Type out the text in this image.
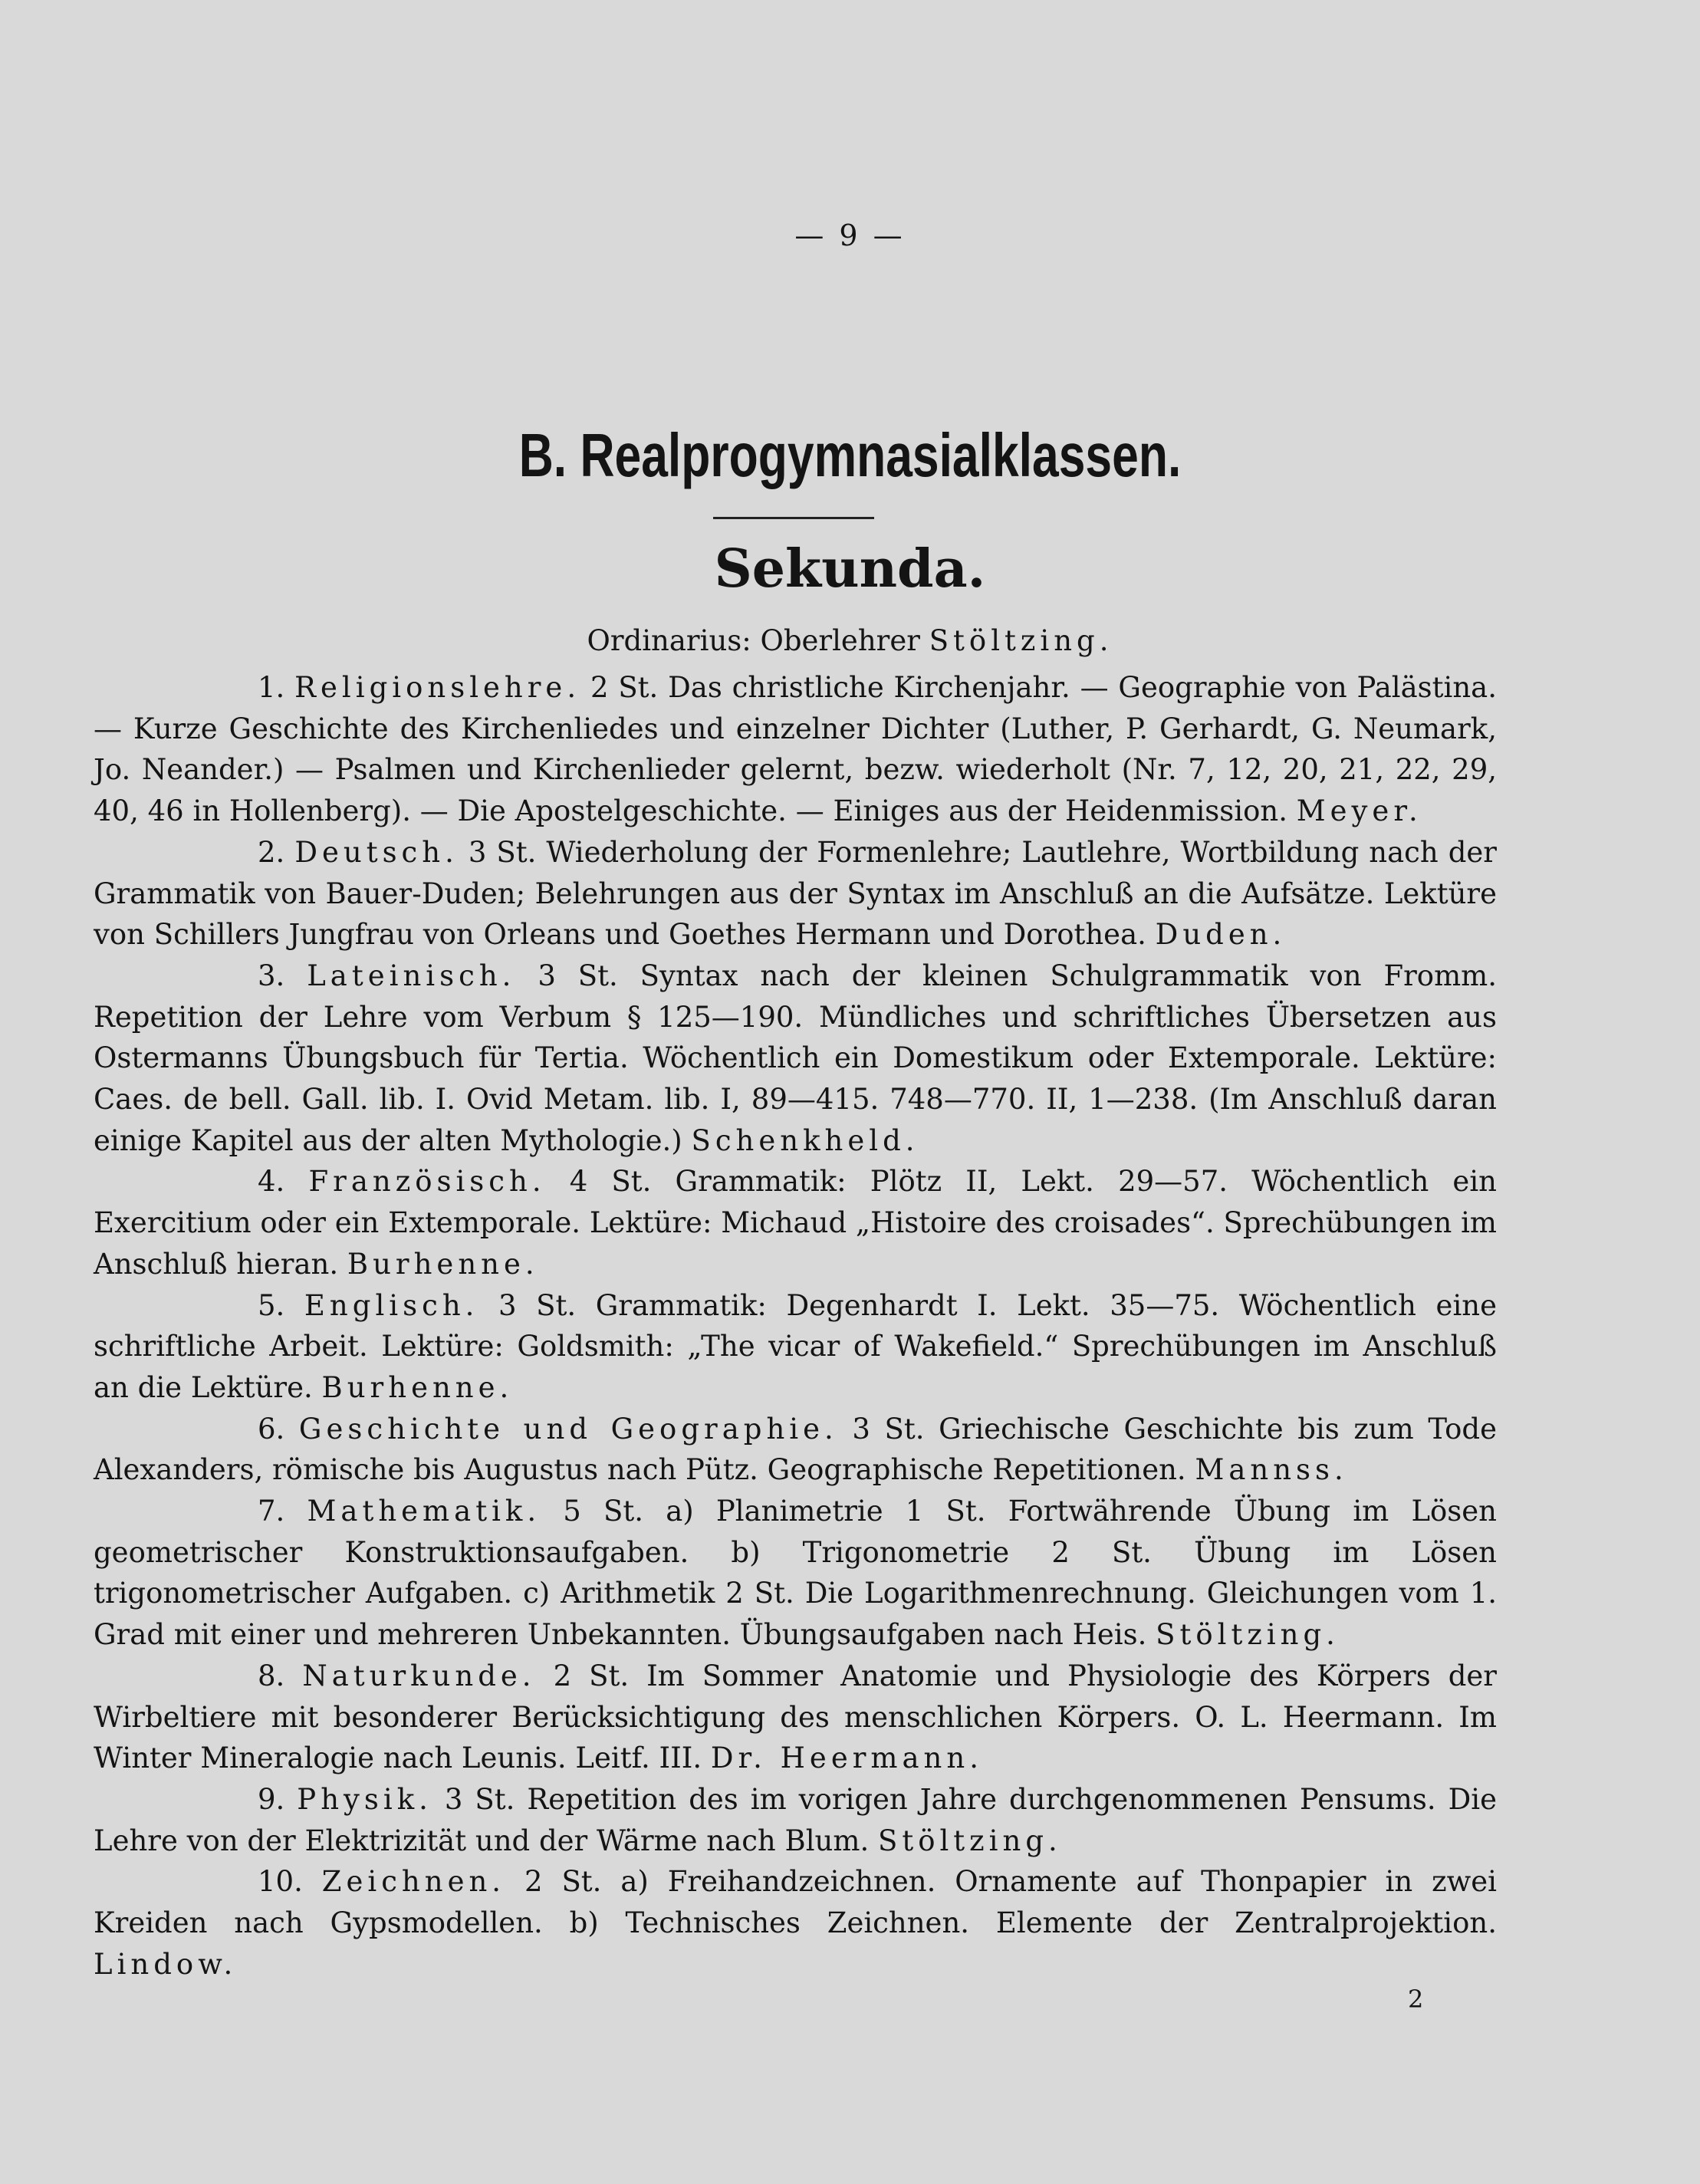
— 9 —
B. Realprogymnasialklassen.
Sekunda.
Ordinarius: Oberlehrer Stöltzing.

1. Religionslehre. 2 St. Das christliche Kirchenjahr. — Geographie von Palästina. — Kurze Geschichte des Kirchenliedes und einzelner Dichter (Luther, P. Gerhardt, G. Neumark, Jo. Neander.) — Psalmen und Kirchenlieder gelernt, bezw. wiederholt (Nr. 7, 12, 20, 21, 22, 29, 40, 46 in Hollenberg). — Die Apostelgeschichte. — Einiges aus der Heidenmission. Meyer.

2. Deutsch. 3 St. Wiederholung der Formenlehre; Lautlehre, Wortbildung nach der Grammatik von Bauer-Duden; Belehrungen aus der Syntax im Anschluß an die Aufsätze. Lektüre von Schillers Jungfrau von Orleans und Goethes Hermann und Dorothea. Duden.

3. Lateinisch. 3 St. Syntax nach der kleinen Schulgrammatik von Fromm. Repetition der Lehre vom Verbum § 125—190. Mündliches und schriftliches Übersetzen aus Ostermanns Übungsbuch für Tertia. Wöchentlich ein Domestikum oder Extemporale. Lektüre: Caes. de bell. Gall. lib. I. Ovid Metam. lib. I, 89—415. 748—770. II, 1—238. (Im Anschluß daran einige Kapitel aus der alten Mythologie.) Schenkheld.

4. Französisch. 4 St. Grammatik: Plötz II, Lekt. 29—57. Wöchentlich ein Exercitium oder ein Extemporale. Lektüre: Michaud „Histoire des croisades“. Sprechübungen im Anschluß hieran. Burhenne.

5. Englisch. 3 St. Grammatik: Degenhardt I. Lekt. 35—75. Wöchentlich eine schriftliche Arbeit. Lektüre: Goldsmith: „The vicar of Wakefield.“ Sprechübungen im Anschluß an die Lektüre. Burhenne.

6. Geschichte und Geographie. 3 St. Griechische Geschichte bis zum Tode Alexanders, römische bis Augustus nach Pütz. Geographische Repetitionen. Mannss.

7. Mathematik. 5 St. a) Planimetrie 1 St. Fortwährende Übung im Lösen geometrischer Konstruktionsaufgaben. b) Trigonometrie 2 St. Übung im Lösen trigonometrischer Aufgaben. c) Arithmetik 2 St. Die Logarithmenrechnung. Gleichungen vom 1. Grad mit einer und mehreren Unbekannten. Übungsaufgaben nach Heis. Stöltzing.

8. Naturkunde. 2 St. Im Sommer Anatomie und Physiologie des Körpers der Wirbeltiere mit besonderer Berücksichtigung des menschlichen Körpers. O. L. Heermann. Im Winter Mineralogie nach Leunis. Leitf. III. Dr. Heermann.

9. Physik. 3 St. Repetition des im vorigen Jahre durchgenommenen Pensums. Die Lehre von der Elektrizität und der Wärme nach Blum. Stöltzing.

10. Zeichnen. 2 St. a) Freihandzeichnen. Ornamente auf Thonpapier in zwei Kreiden nach Gypsmodellen. b) Technisches Zeichnen. Elemente der Zentralprojektion. Lindow.

2
